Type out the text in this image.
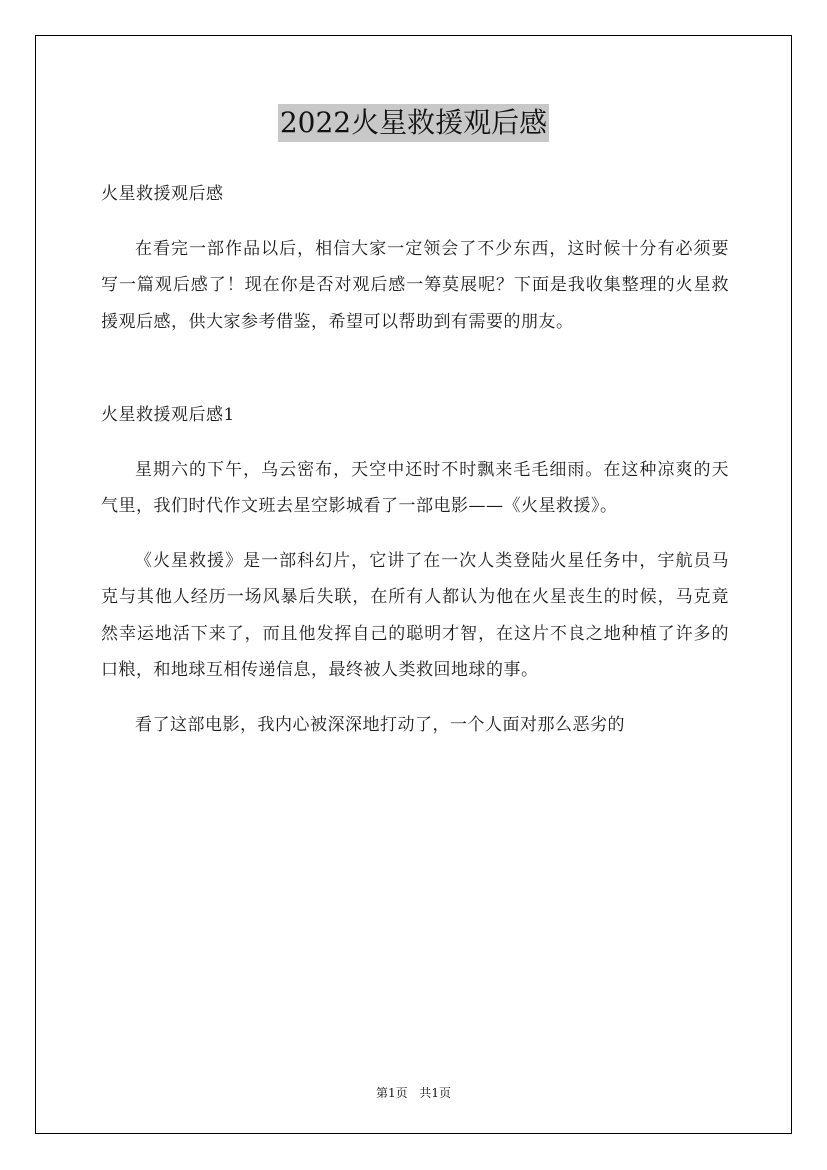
2022火星救援观后感

火星救援观后感

在看完一部作品以后，相信大家一定领会了不少东西，这时候十分有必须要写一篇观后感了！现在你是否对观后感一筹莫展呢？下面是我收集整理的火星救援观后感，供大家参考借鉴，希望可以帮助到有需要的朋友。

火星救援观后感1

星期六的下午，乌云密布，天空中还时不时飘来毛毛细雨。在这种凉爽的天气里，我们时代作文班去星空影城看了一部电影——《火星救援》。

《火星救援》是一部科幻片，它讲了在一次人类登陆火星任务中，宇航员马克与其他人经历一场风暴后失联，在所有人都认为他在火星丧生的时候，马克竟然幸运地活下来了，而且他发挥自己的聪明才智，在这片不良之地种植了许多的口粮，和地球互相传递信息，最终被人类救回地球的事。

看了这部电影，我内心被深深地打动了，一个人面对那么恶劣的

第1页 共1页
